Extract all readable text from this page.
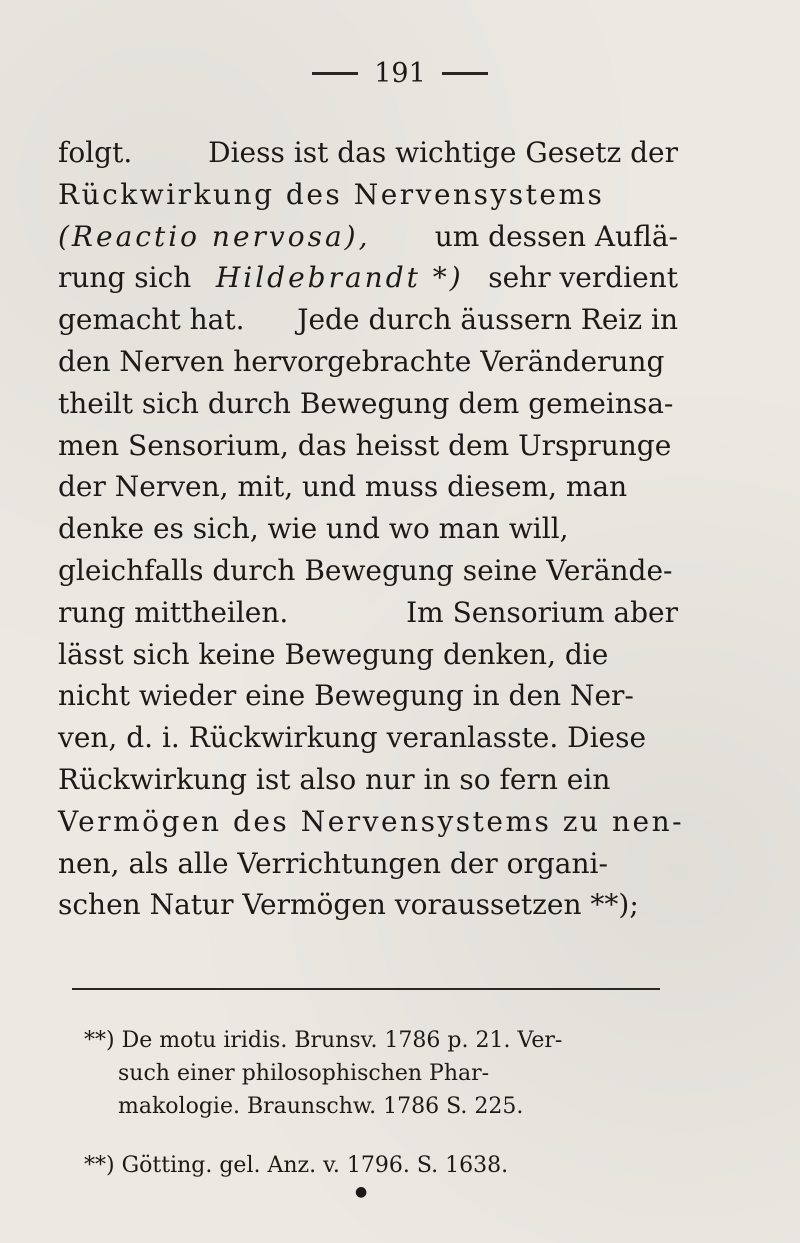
191
folgt.	Diess ist das wichtige Gesetz der
Rückwirkung des Nervensystems
(Reactio nervosa), um dessen Auflä-
rung sich Hildebrandt *) sehr verdient
gemacht hat. Jede durch äussern Reiz in
den Nerven hervorgebrachte Veränderung
theilt sich durch Bewegung dem gemeinsa-
men Sensorium, das heisst dem Ursprunge
der Nerven, mit, und muss diesem, man
denke es sich, wie und wo man will,
gleichfalls durch Bewegung seine Verände-
rung mittheilen.	Im Sensorium aber
lässt sich keine Bewegung denken, die
nicht wieder eine Bewegung in den Ner-
ven, d. i. Rückwirkung veranlasste. Diese
Rückwirkung ist also nur in so fern ein
Vermögen des Nervensystems zu nen-
nen, als alle Verrichtungen der organi-
schen Natur Vermögen voraussetzen **);
**) De motu iridis. Brunsv. 1786 p. 21. Ver-
such einer philosophischen Phar-
makologie. Braunschw. 1786 S. 225.
**) Götting. gel. Anz. v. 1796. S. 1638.
●
